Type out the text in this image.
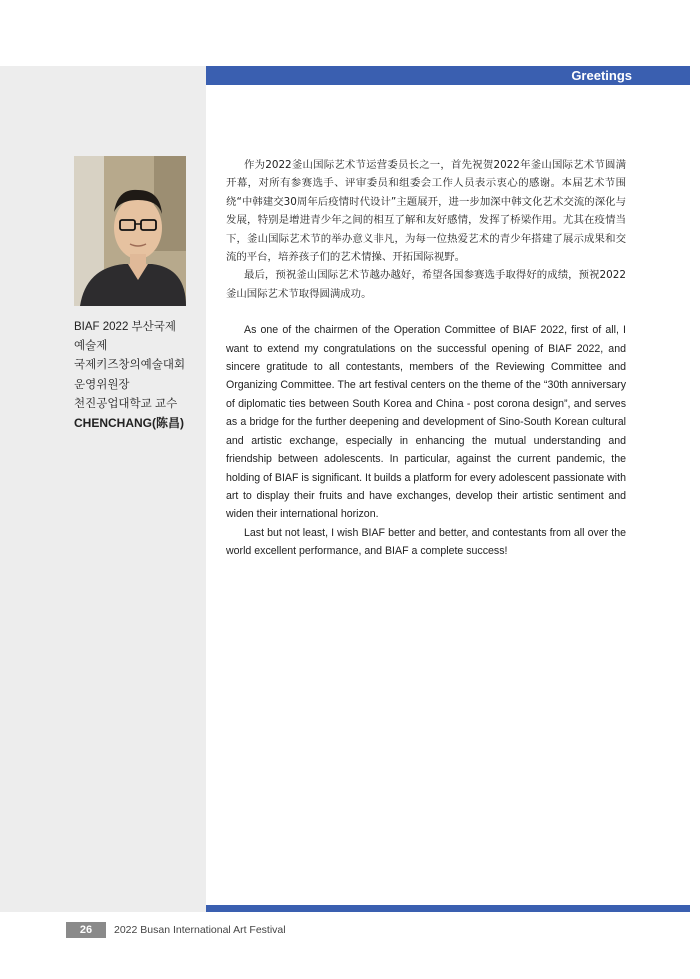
Greetings
BIAF 2022 부산국제
예술제
국제키즈창의예술대회
운영위원장
천진공업대학교 교수
CHENCHANG(陈昌)

作为2022釜山国际艺术节运营委员长之一，首先祝贺2022年釜山国际艺术节圆满开幕，对所有参赛选手、评审委员和组委会工作人员表示衷心的感谢。本届艺术节围绕“中韩建交30周年后疫情时代设计”主题展开，进一步加深中韩文化艺术交流的深化与发展，特别是增进青少年之间的相互了解和友好感情，发挥了桥梁作用。尤其在疫情当下，釜山国际艺术节的举办意义非凡，为每一位热爱艺术的青少年搭建了展示成果和交流的平台，培养孩子们的艺术情操、开拓国际视野。

最后，预祝釜山国际艺术节越办越好，希望各国参赛选手取得好的成绩，预祝2022釜山国际艺术节取得圆满成功。

As one of the chairmen of the Operation Committee of BIAF 2022, first of all, I want to extend my congratulations on the successful opening of BIAF 2022, and sincere gratitude to all contestants, members of the Reviewing Committee and Organizing Committee. The art festival centers on the theme of the “30th anniversary of diplomatic ties between South Korea and China - post corona design”, and serves as a bridge for the further deepening and development of Sino-South Korean cultural and artistic exchange, especially in enhancing the mutual understanding and friendship between adolescents. In particular, against the current pandemic, the holding of BIAF is significant. It builds a platform for every adolescent passionate with art to display their fruits and have exchanges, develop their artistic sentiment and widen their international horizon.

Last but not least, I wish BIAF better and better, and contestants from all over the world excellent performance, and BIAF a complete success!

26	2022 Busan International Art Festival
